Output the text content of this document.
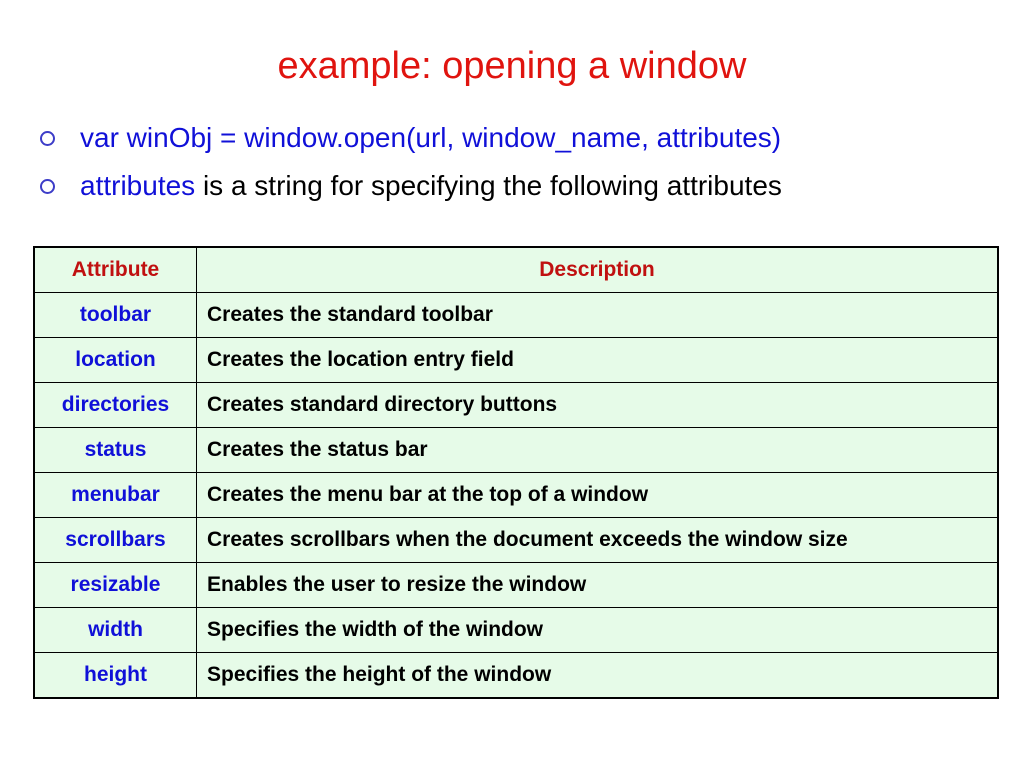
example: opening a window
var winObj = window.open(url, window_name, attributes)
attributes is a string for specifying the following attributes
Attribute	Description
toolbar	Creates the standard toolbar
location	Creates the location entry field
directories	Creates standard directory buttons
status	Creates the status bar
menubar	Creates the menu bar at the top of a window
scrollbars	Creates scrollbars when the document exceeds the window size
resizable	Enables the user to resize the window
width	Specifies the width of the window
height	Specifies the height of the window
